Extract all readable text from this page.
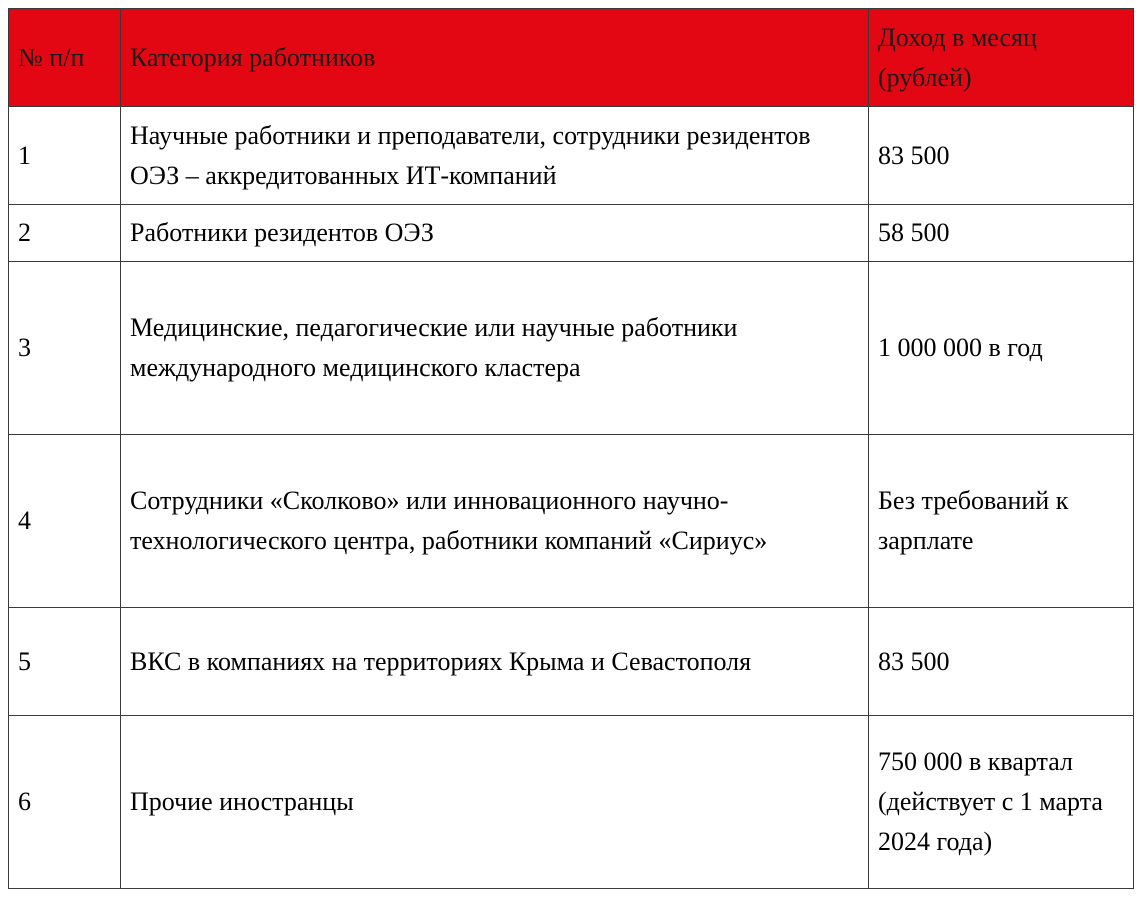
№ п/п	Категория работников	Доход в месяц (рублей)
1	Научные работники и преподаватели, сотрудники резидентов ОЭЗ – аккредитованных ИТ-компаний	83 500
2	Работники резидентов ОЭЗ	58 500
3	Медицинские, педагогические или научные работники международного медицинского кластера	1 000 000 в год
4	Сотрудники «Сколково» или инновационного научно-технологического центра, работники компаний «Сириус»	Без требований к зарплате
5	ВКС в компаниях на территориях Крыма и Севастополя	83 500
6	Прочие иностранцы	750 000 в квартал (действует с 1 марта 2024 года)
